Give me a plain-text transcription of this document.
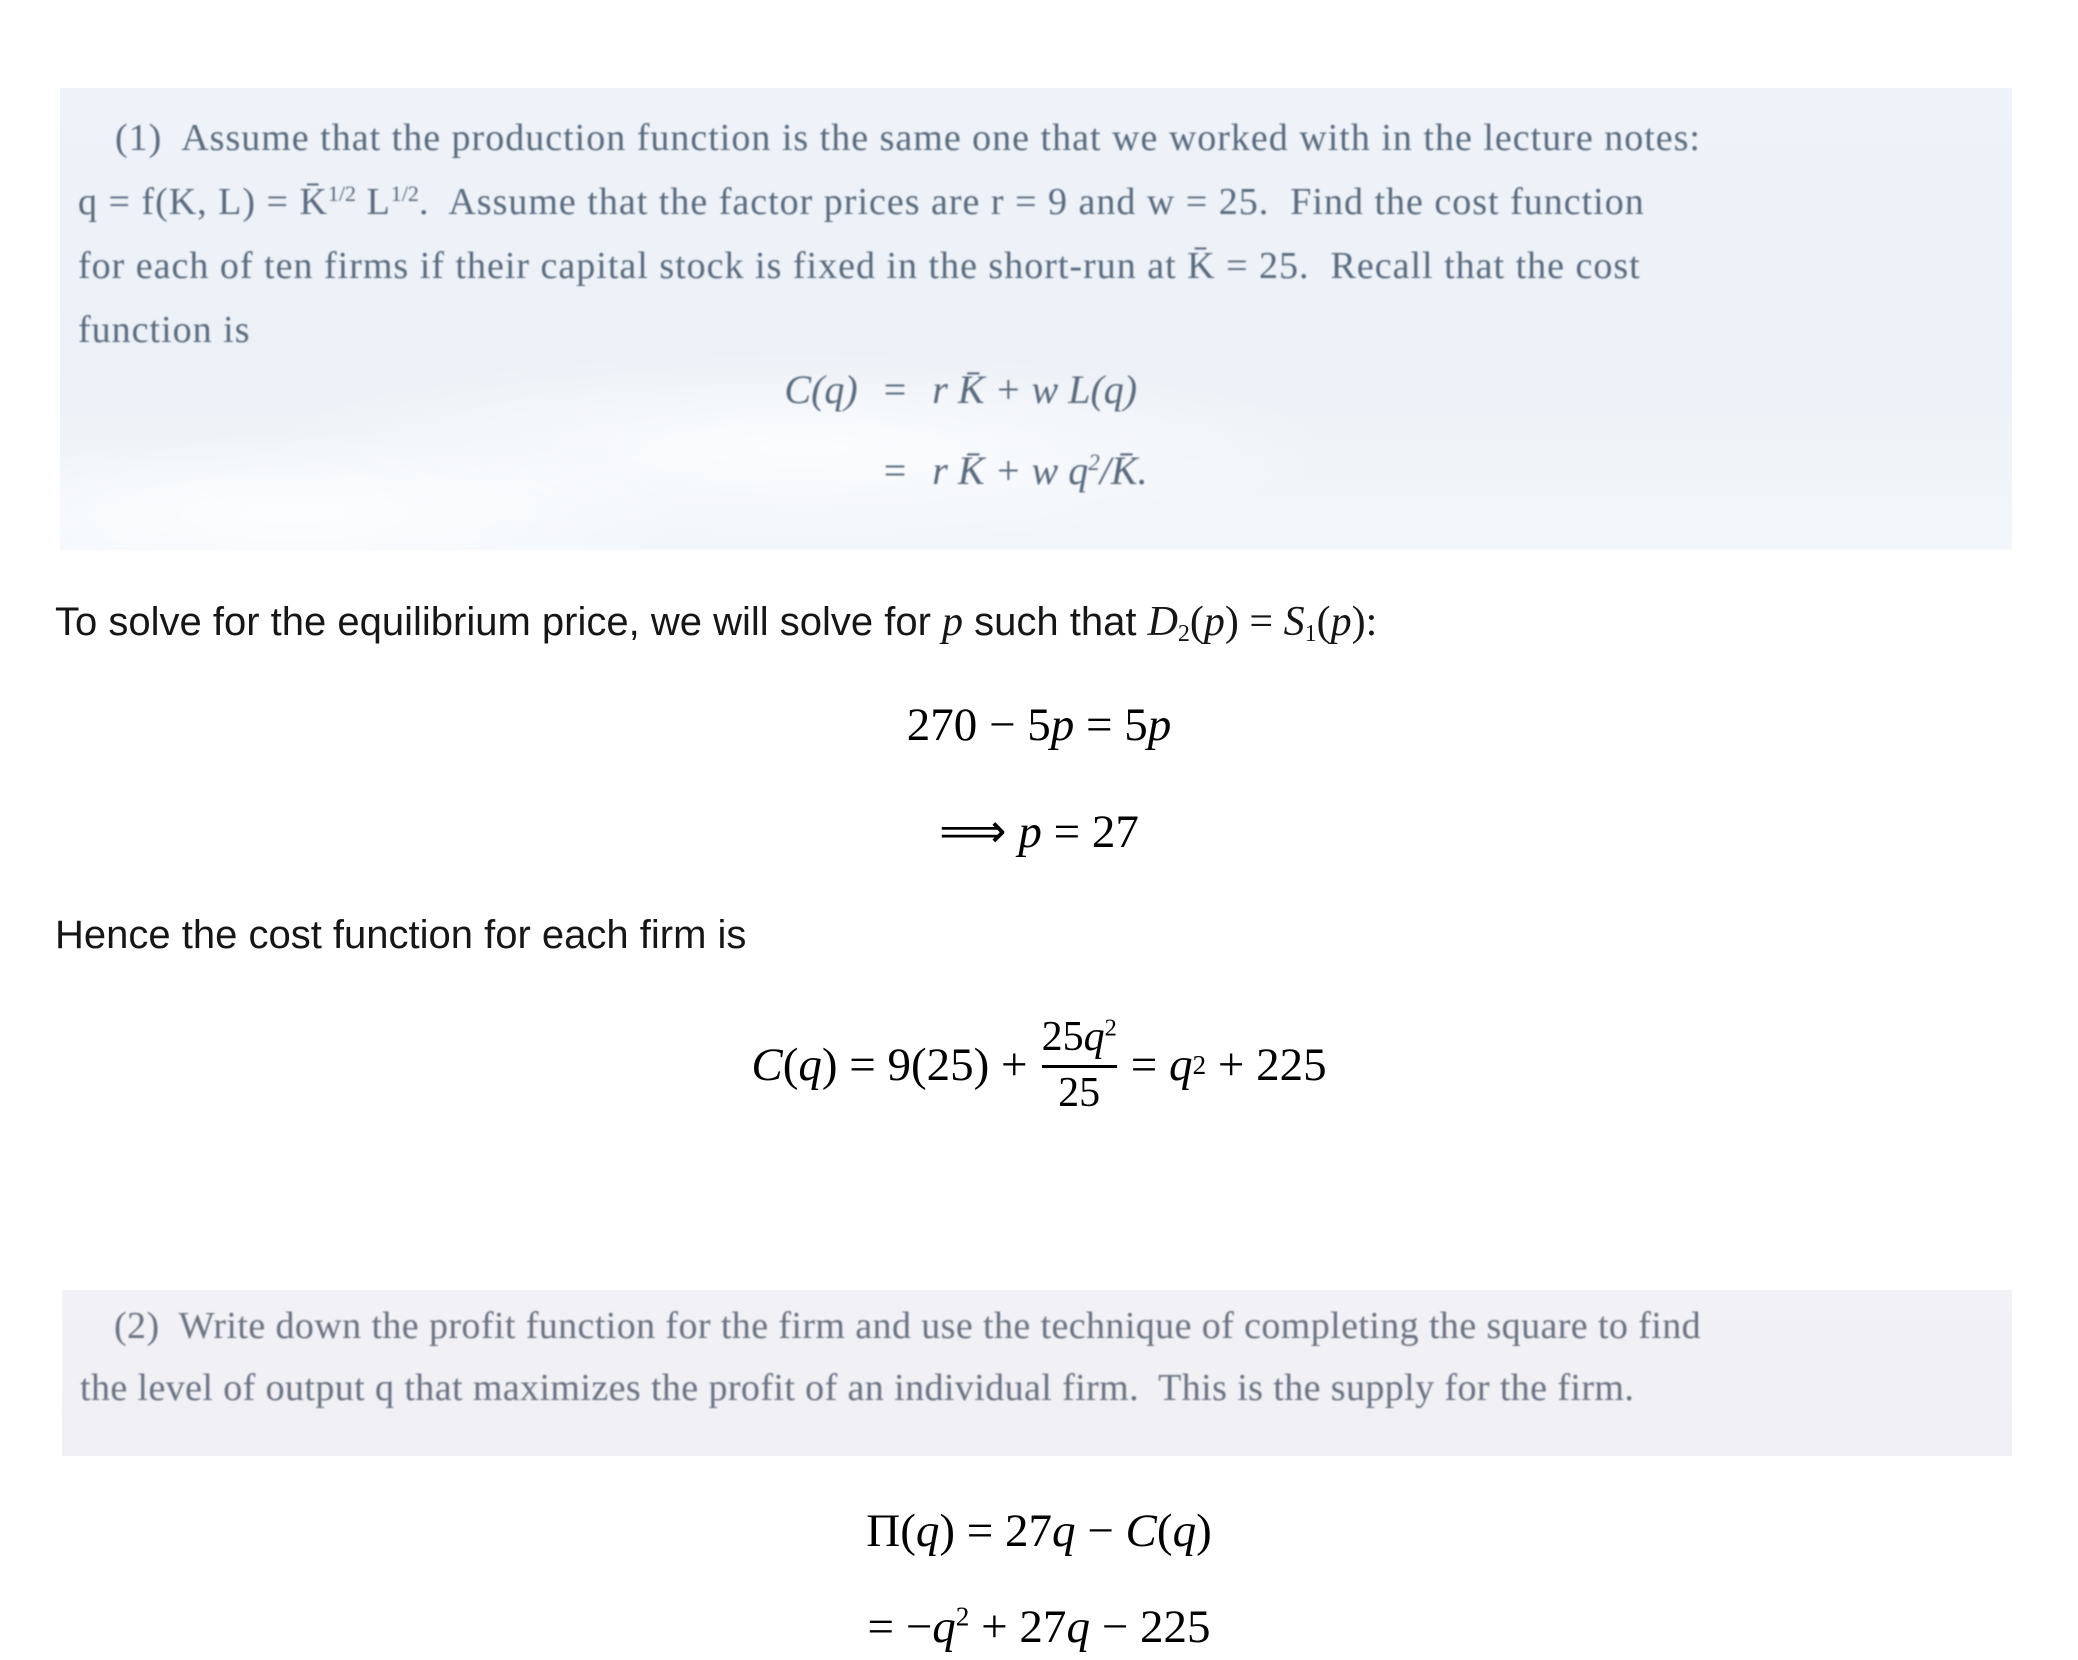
(1)  Assume that the production function is the same one that we worked with in the lecture notes:

q = f(K, L) = K̄$^{1/2}$ $L^{1/2}$.  Assume that the factor prices are r = 9 and w = 25.  Find the cost function

for each of ten firms if their capital stock is fixed in the short-run at K̄ = 25.  Recall that the cost

function is

C(q) = r K̄ + w L(q)
= r K̄ + w $q^2/K̄$.

To solve for the equilibrium price, we will solve for p such that D2(p) = S1(p):

270 − 5p = 5p

⟹ p = 27

Hence the cost function for each firm is

C ( q ) = $9(25) + \frac{25q^2}{25} = q$ 2 + 225

(2)  Write down the profit function for the firm and use the technique of completing the square to find

the level of output q that maximizes the profit of an individual firm.  This is the supply for the firm.

Π(q) = 27q − C(q)

= $-q^2 + 27q - 225$
